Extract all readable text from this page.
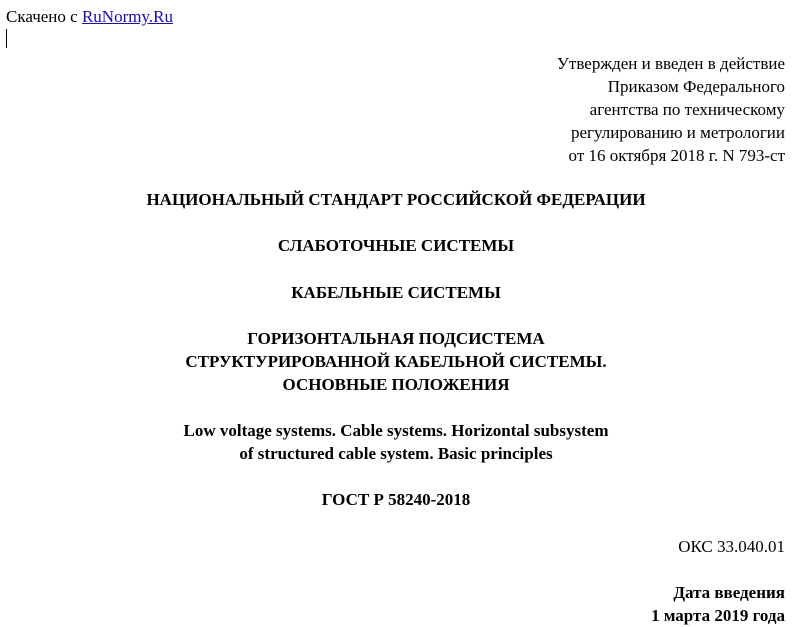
Скачено с RuNormy.Ru
Утвержден и введен в действие
Приказом Федерального
агентства по техническому
регулированию и метрологии
от 16 октября 2018 г. N 793-ст
НАЦИОНАЛЬНЫЙ СТАНДАРТ РОССИЙСКОЙ ФЕДЕРАЦИИ
СЛАБОТОЧНЫЕ СИСТЕМЫ
КАБЕЛЬНЫЕ СИСТЕМЫ
ГОРИЗОНТАЛЬНАЯ ПОДСИСТЕМА
СТРУКТУРИРОВАННОЙ КАБЕЛЬНОЙ СИСТЕМЫ.
ОСНОВНЫЕ ПОЛОЖЕНИЯ
Low voltage systems. Cable systems. Horizontal subsystem
of structured cable system. Basic principles
ГОСТ Р 58240-2018
ОКС 33.040.01
Дата введения
1 марта 2019 года
